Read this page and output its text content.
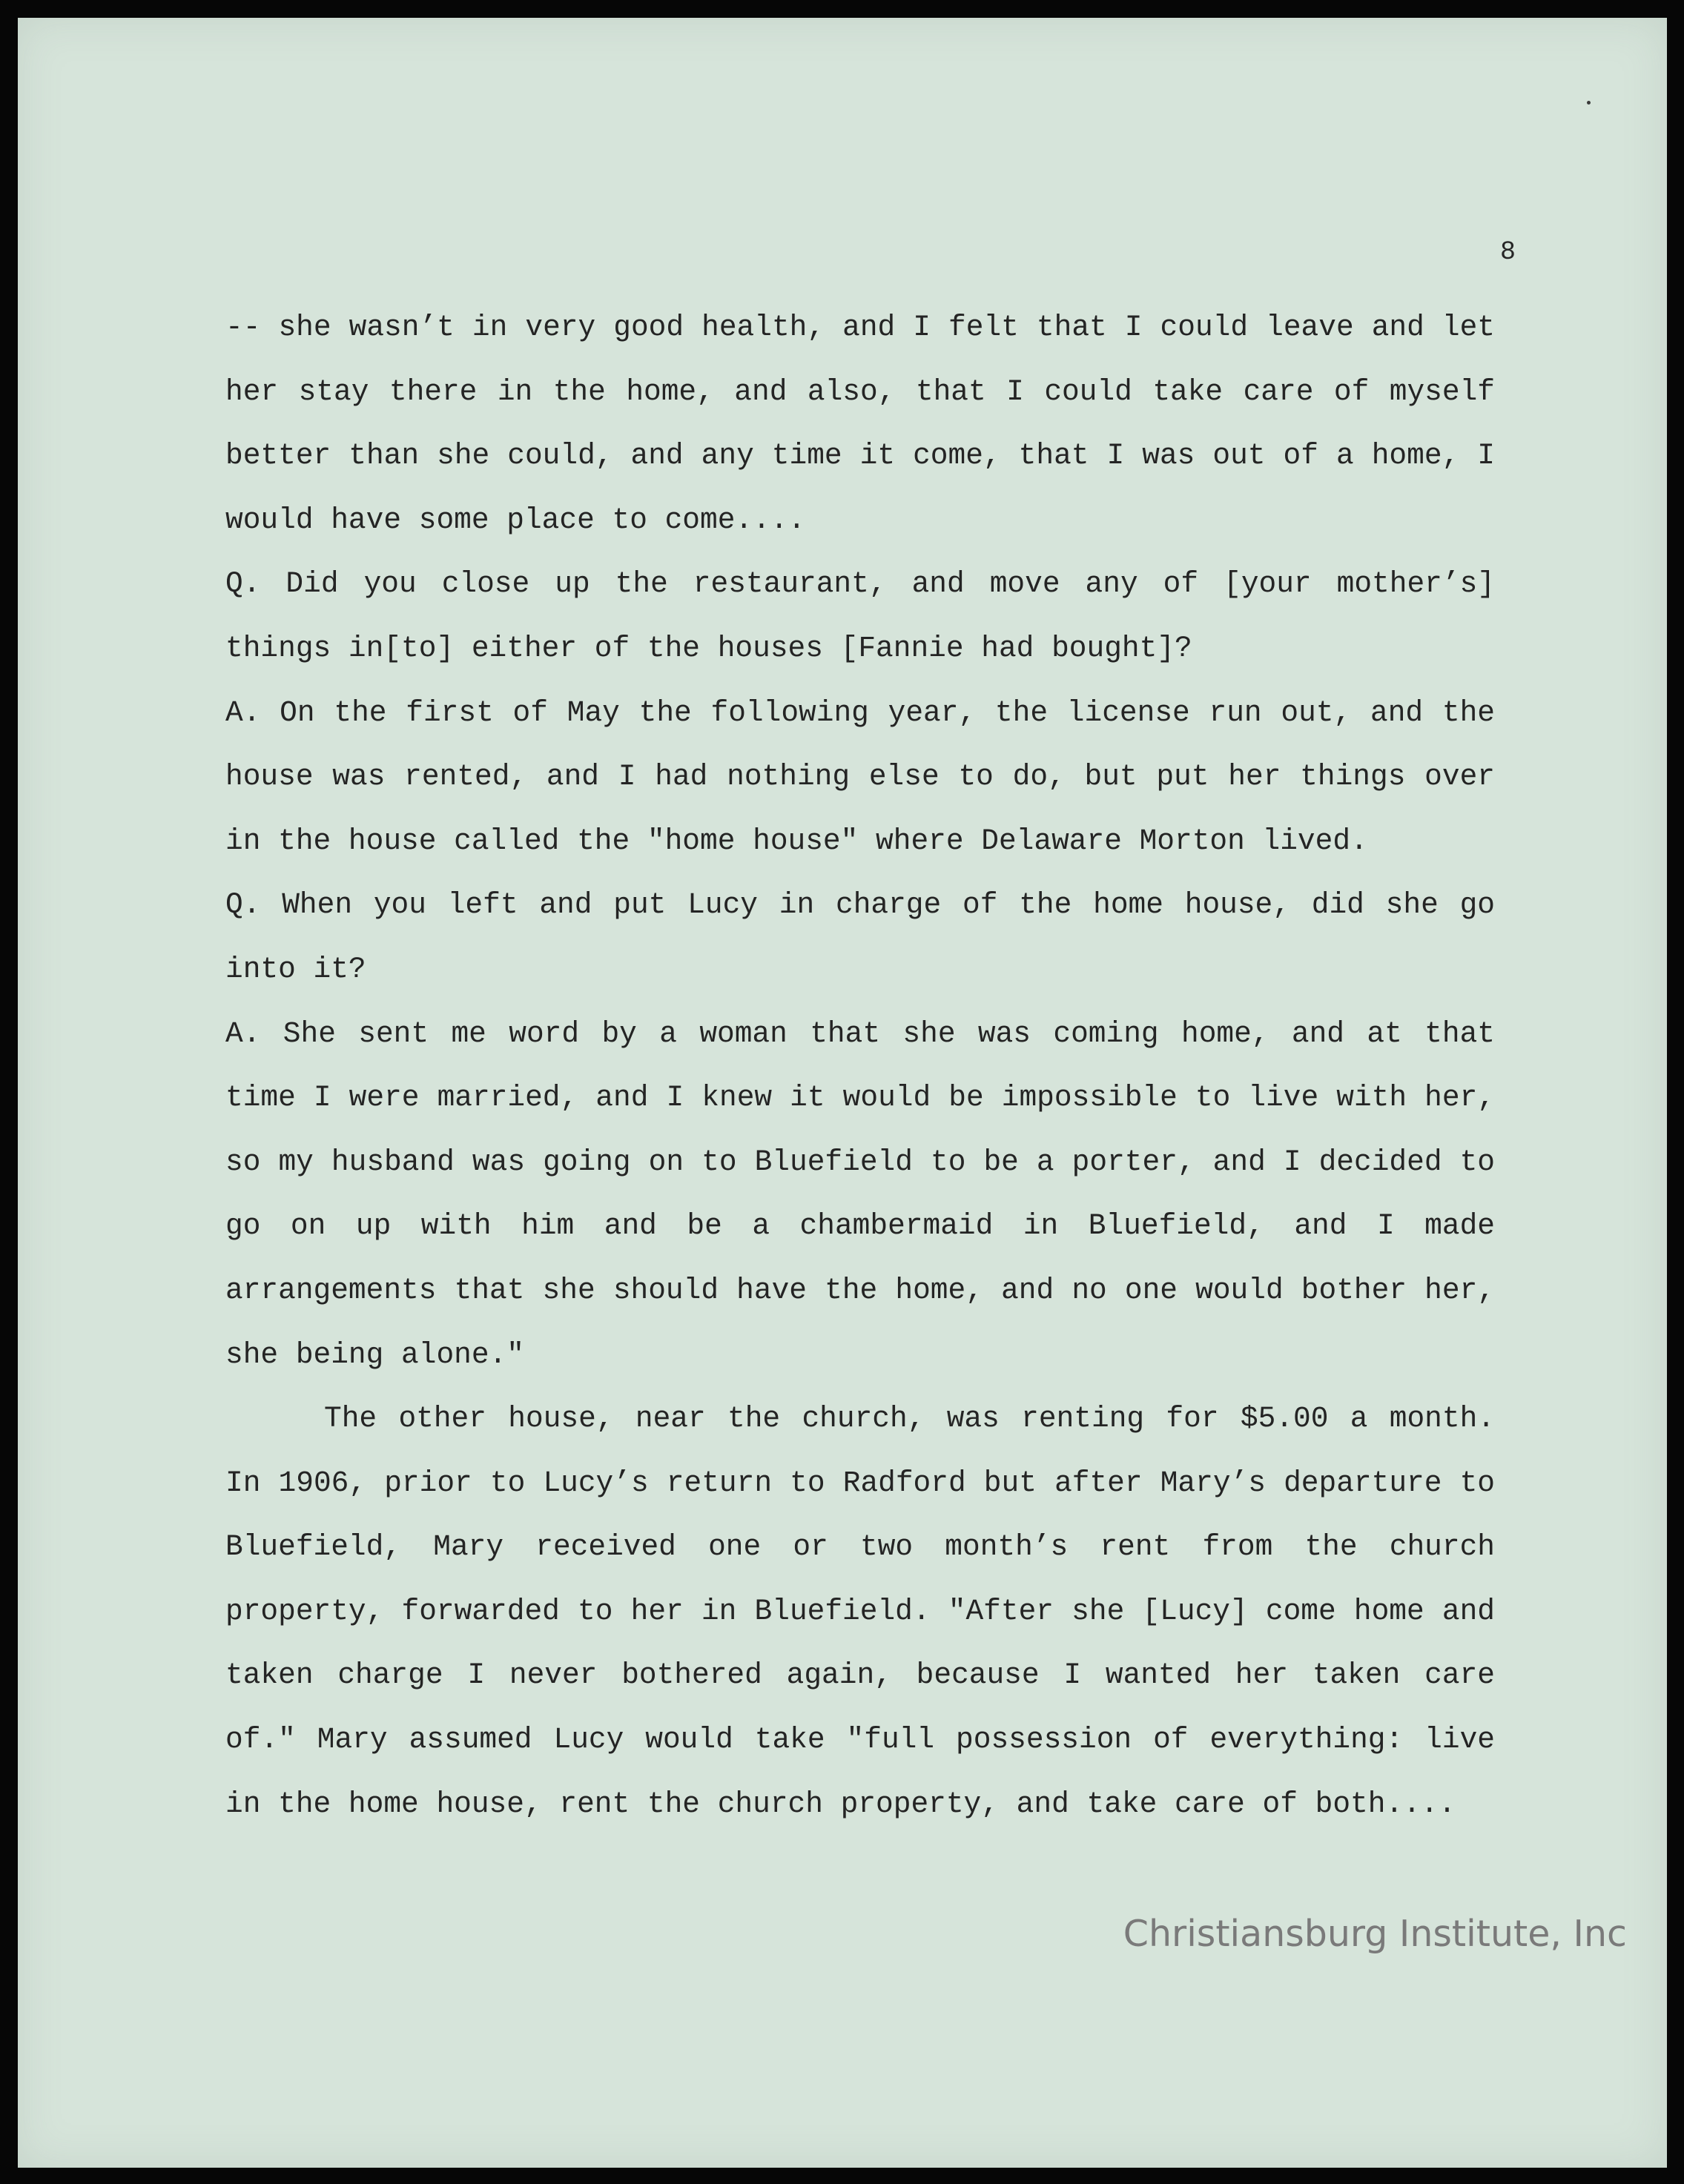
8

-- she wasn’t in very good health, and I felt that I could leave and let her stay there in the home, and also, that I could take care of myself better than she could, and any time it come, that I was out of a home, I would have some place to come....

Q. Did you close up the restaurant, and move any of [your mother’s] things in[to] either of the houses [Fannie had bought]?

A. On the first of May the following year, the license run out, and the house was rented, and I had nothing else to do, but put her things over in the house called the "home house" where Delaware Morton lived.

Q. When you left and put Lucy in charge of the home house, did she go into it?

A. She sent me word by a woman that she was coming home, and at that time I were married, and I knew it would be impossible to live with her, so my husband was going on to Bluefield to be a porter, and I decided to go on up with him and be a chambermaid in Bluefield, and I made arrangements that she should have the home, and no one would bother her, she being alone."

The other house, near the church, was renting for $5.00 a month. In 1906, prior to Lucy’s return to Radford but after Mary’s departure to Bluefield, Mary received one or two month’s rent from the church property, forwarded to her in Bluefield. "After she [Lucy] come home and taken charge I never bothered again, because I wanted her taken care of." Mary assumed Lucy would take "full possession of everything: live in the home house, rent the church property, and take care of both....

Christiansburg Institute, Inc
